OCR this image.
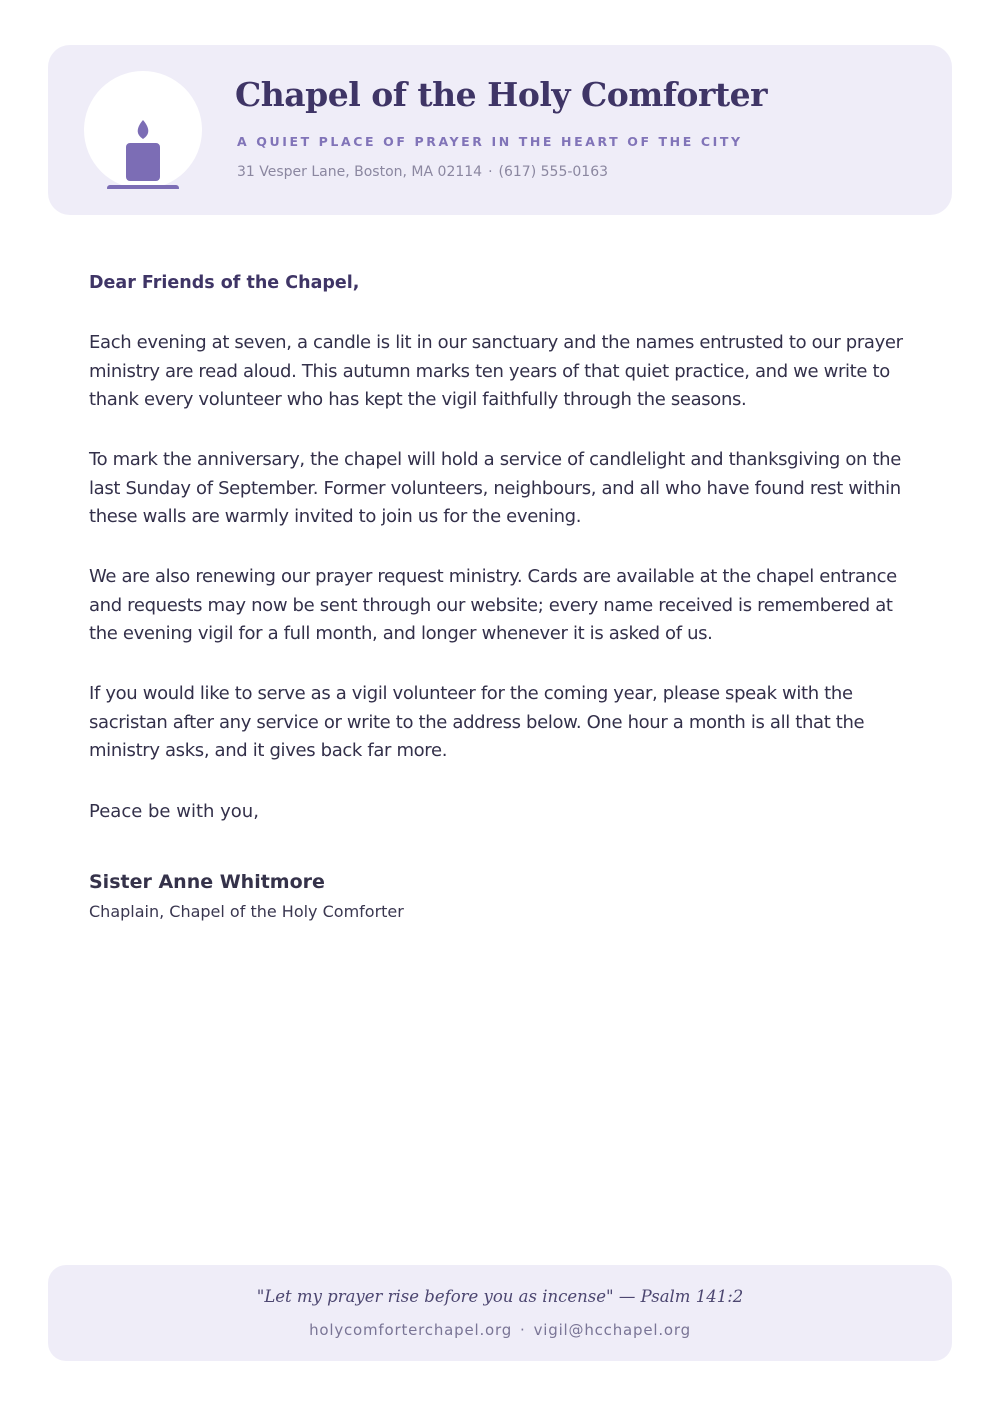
Chapel of the Holy Comforter
A QUIET PLACE OF PRAYER IN THE HEART OF THE CITY
31 Vesper Lane, Boston, MA 02114 · (617) 555-0163
Dear Friends of the Chapel,

Each evening at seven, a candle is lit in our sanctuary and the names entrusted to our prayer ministry are read aloud. This autumn marks ten years of that quiet practice, and we write to thank every volunteer who has kept the vigil faithfully through the seasons.

To mark the anniversary, the chapel will hold a service of candlelight and thanksgiving on the last Sunday of September. Former volunteers, neighbours, and all who have found rest within these walls are warmly invited to join us for the evening.

We are also renewing our prayer request ministry. Cards are available at the chapel entrance and requests may now be sent through our website; every name received is remembered at the evening vigil for a full month, and longer whenever it is asked of us.

If you would like to serve as a vigil volunteer for the coming year, please speak with the sacristan after any service or write to the address below. One hour a month is all that the ministry asks, and it gives back far more.

Peace be with you,
Sister Anne Whitmore
Chaplain, Chapel of the Holy Comforter
"Let my prayer rise before you as incense" — Psalm 141:2
holycomforterchapel.org · vigil@hcchapel.org
